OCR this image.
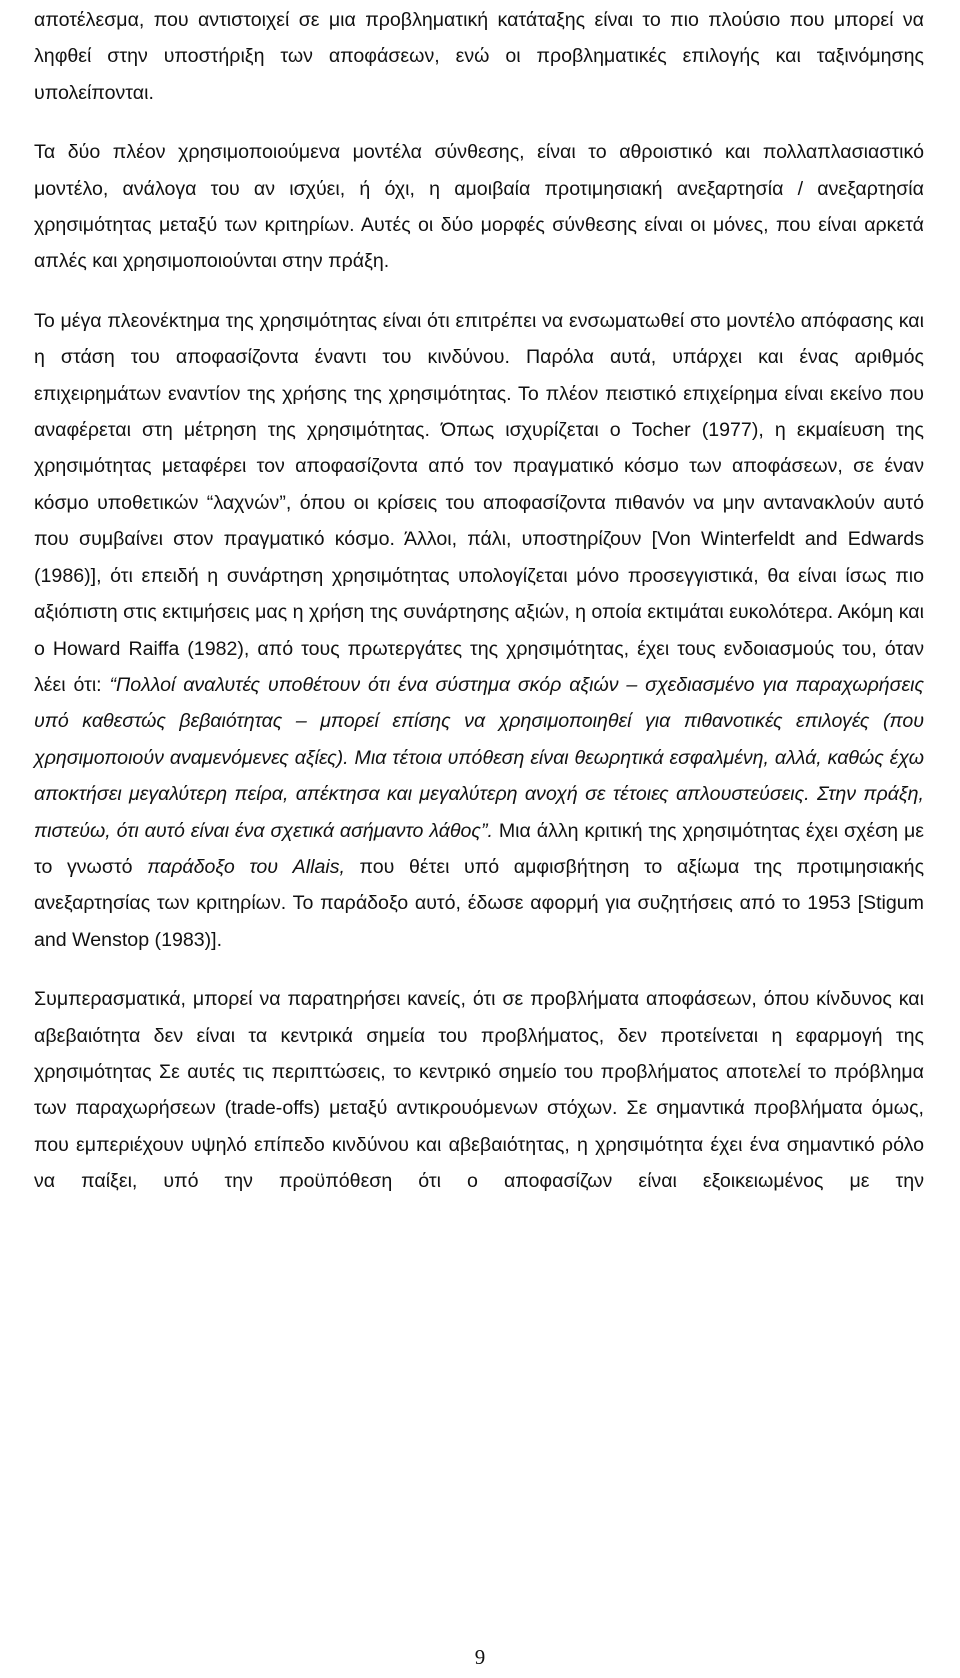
αποτέλεσμα, που αντιστοιχεί σε μια προβληματική κατάταξης είναι το πιο πλούσιο που μπορεί να ληφθεί στην υποστήριξη των αποφάσεων, ενώ οι προβληματικές επιλογής και ταξινόμησης υπολείπονται.

Τα δύο πλέον χρησιμοποιούμενα μοντέλα σύνθεσης, είναι το αθροιστικό και πολλαπλασιαστικό μοντέλο, ανάλογα του αν ισχύει, ή όχι, η αμοιβαία προτιμησιακή ανεξαρτησία / ανεξαρτησία χρησιμότητας μεταξύ των κριτηρίων. Αυτές οι δύο μορφές σύνθεσης είναι οι μόνες, που είναι αρκετά απλές και χρησιμοποιούνται στην πράξη.

Το μέγα πλεονέκτημα της χρησιμότητας είναι ότι επιτρέπει να ενσωματωθεί στο μοντέλο απόφασης και η στάση του αποφασίζοντα έναντι του κινδύνου. Παρόλα αυτά, υπάρχει και ένας αριθμός επιχειρημάτων εναντίον της χρήσης της χρησιμότητας. Το πλέον πειστικό επιχείρημα είναι εκείνο που αναφέρεται στη μέτρηση της χρησιμότητας. Όπως ισχυρίζεται ο Tocher (1977), η εκμαίευση της χρησιμότητας μεταφέρει τον αποφασίζοντα από τον πραγματικό κόσμο των αποφάσεων, σε έναν κόσμο υποθετικών “λαχνών”, όπου οι κρίσεις του αποφασίζοντα πιθανόν να μην αντανακλούν αυτό που συμβαίνει στον πραγματικό κόσμο. Άλλοι, πάλι, υποστηρίζουν [Von Winterfeldt and Edwards (1986)], ότι επειδή η συνάρτηση χρησιμότητας υπολογίζεται μόνο προσεγγιστικά, θα είναι ίσως πιο αξιόπιστη στις εκτιμήσεις μας η χρήση της συνάρτησης αξιών, η οποία εκτιμάται ευκολότερα. Ακόμη και ο Howard Raiffa (1982), από τους πρωτεργάτες της χρησιμότητας, έχει τους ενδοιασμούς του, όταν λέει ότι: “Πολλοί αναλυτές υποθέτουν ότι ένα σύστημα σκόρ αξιών – σχεδιασμένο για παραχωρήσεις υπό καθεστώς βεβαιότητας – μπορεί επίσης να χρησιμοποιηθεί για πιθανοτικές επιλογές (που χρησιμοποιούν αναμενόμενες αξίες). Μια τέτοια υπόθεση είναι θεωρητικά εσφαλμένη, αλλά, καθώς έχω αποκτήσει μεγαλύτερη πείρα, απέκτησα και μεγαλύτερη ανοχή σε τέτοιες απλουστεύσεις. Στην πράξη, πιστεύω, ότι αυτό είναι ένα σχετικά ασήμαντο λάθος”. Μια άλλη κριτική της χρησιμότητας έχει σχέση με το γνωστό παράδοξο του Allais, που θέτει υπό αμφισβήτηση το αξίωμα της προτιμησιακής ανεξαρτησίας των κριτηρίων. Το παράδοξο αυτό, έδωσε αφορμή για συζητήσεις από το 1953 [Stigum and Wenstop (1983)].

Συμπερασματικά, μπορεί να παρατηρήσει κανείς, ότι σε προβλήματα αποφάσεων, όπου κίνδυνος και αβεβαιότητα δεν είναι τα κεντρικά σημεία του προβλήματος, δεν προτείνεται η εφαρμογή της χρησιμότητας Σε αυτές τις περιπτώσεις, το κεντρικό σημείο του προβλήματος αποτελεί το πρόβλημα των παραχωρήσεων (trade-offs) μεταξύ αντικρουόμενων στόχων. Σε σημαντικά προβλήματα όμως, που εμπεριέχουν υψηλό επίπεδο κινδύνου και αβεβαιότητας, η χρησιμότητα έχει ένα σημαντικό ρόλο να παίξει, υπό την προϋπόθεση ότι ο αποφασίζων είναι εξοικειωμένος με την

9
